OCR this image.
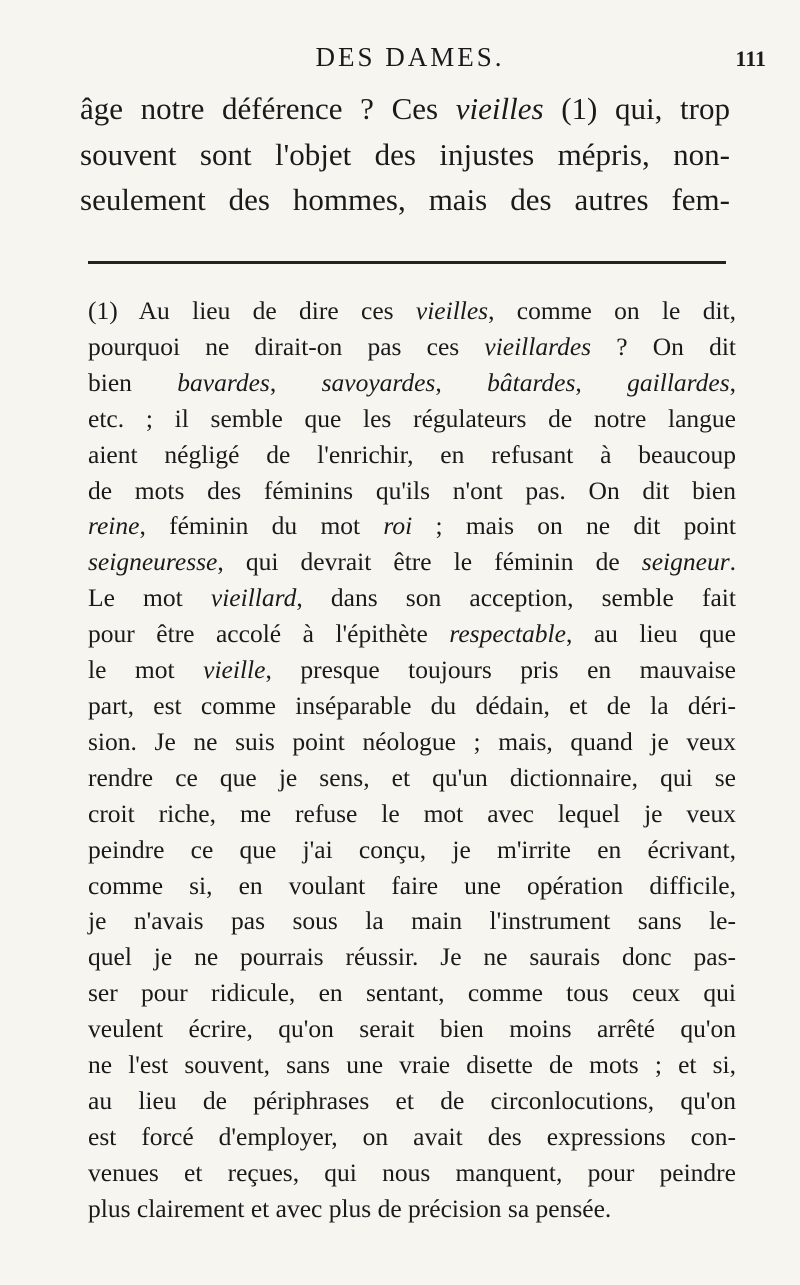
DES DAMES.	111
âge notre déférence ? Ces vieilles (1) qui, trop
souvent sont l'objet des injustes mépris, non-
seulement des hommes, mais des autres fem-
(1) Au lieu de dire ces vieilles, comme on le dit,
pourquoi ne dirait-on pas ces vieillardes ? On dit
bien bavardes, savoyardes, bâtardes, gaillardes,
etc. ; il semble que les régulateurs de notre langue
aient négligé de l'enrichir, en refusant à beaucoup
de mots des féminins qu'ils n'ont pas. On dit bien
reine, féminin du mot roi ; mais on ne dit point
seigneuresse, qui devrait être le féminin de seigneur.
Le mot vieillard, dans son acception, semble fait
pour être accolé à l'épithète respectable, au lieu que
le mot vieille, presque toujours pris en mauvaise
part, est comme inséparable du dédain, et de la déri-
sion. Je ne suis point néologue ; mais, quand je veux
rendre ce que je sens, et qu'un dictionnaire, qui se
croit riche, me refuse le mot avec lequel je veux
peindre ce que j'ai conçu, je m'irrite en écrivant,
comme si, en voulant faire une opération difficile,
je n'avais pas sous la main l'instrument sans le-
quel je ne pourrais réussir. Je ne saurais donc pas-
ser pour ridicule, en sentant, comme tous ceux qui
veulent écrire, qu'on serait bien moins arrêté qu'on
ne l'est souvent, sans une vraie disette de mots ; et si,
au lieu de périphrases et de circonlocutions, qu'on
est forcé d'employer, on avait des expressions con-
venues et reçues, qui nous manquent, pour peindre
plus clairement et avec plus de précision sa pensée.
